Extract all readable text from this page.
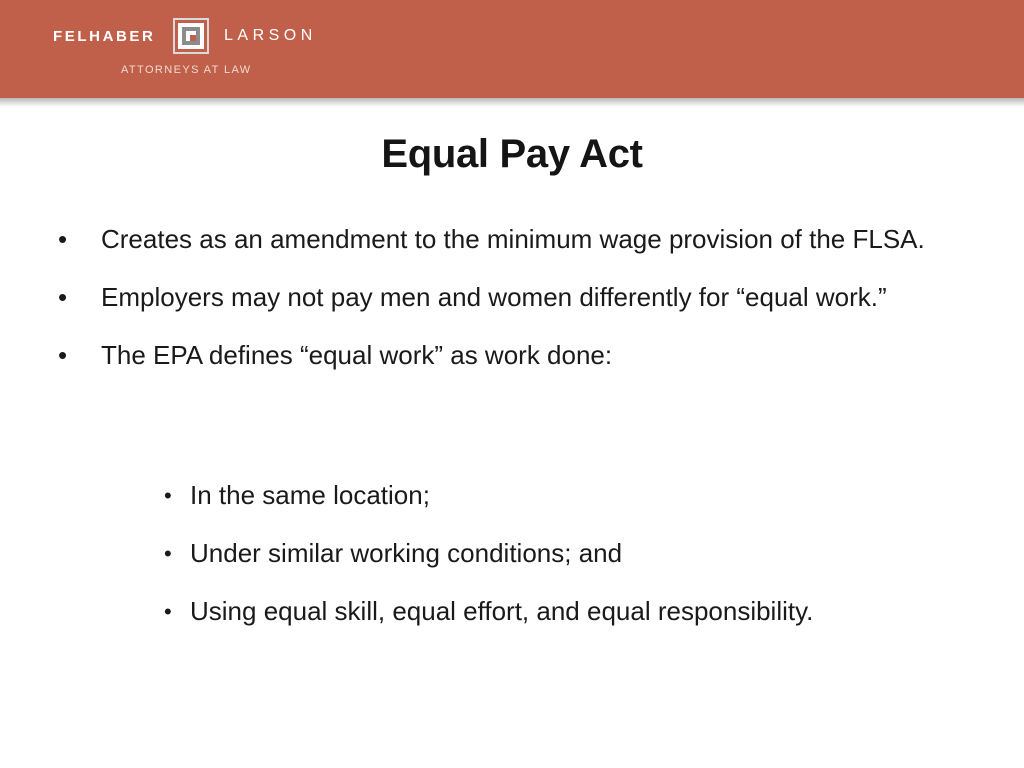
FELHABER	LARSON
ATTORNEYS AT LAW
Equal Pay Act
• Creates as an amendment to the minimum wage provision of the FLSA.
• Employers may not pay men and women differently for “equal work.”
• The EPA defines “equal work” as work done:
• In the same location;
• Under similar working conditions; and
• Using equal skill, equal effort, and equal responsibility.
